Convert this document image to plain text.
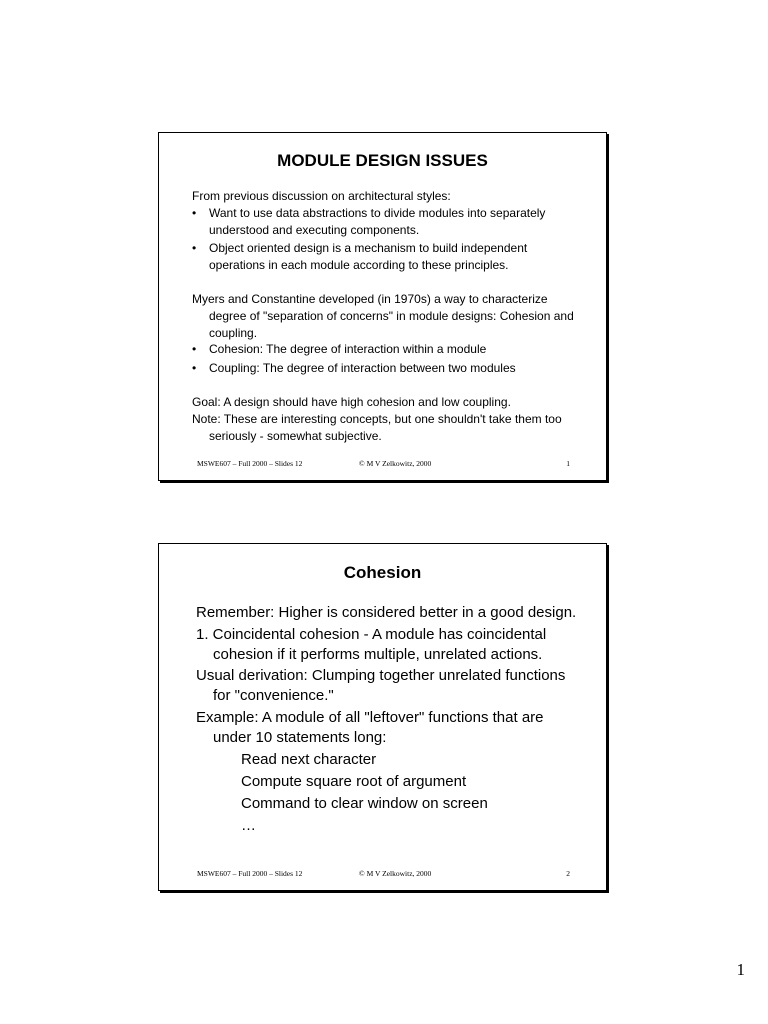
MODULE DESIGN ISSUES

From previous discussion on architectural styles:

• Want to use data abstractions to divide modules into separately understood and executing components.
• Object oriented design is a mechanism to build independent operations in each module according to these principles.

Myers and Constantine developed (in 1970s) a way to characterize degree of "separation of concerns" in module designs: Cohesion and coupling.

• Cohesion: The degree of interaction within a module
• Coupling: The degree of interaction between two modules

Goal: A design should have high cohesion and low coupling.

Note: These are interesting concepts, but one shouldn't take them too seriously - somewhat subjective.

MSWE607 – Full 2000 – Slides 12	© M V Zelkowitz, 2000	1
Cohesion

Remember: Higher is considered better in a good design.

1. Coincidental cohesion - A module has coincidental cohesion if it performs multiple, unrelated actions.

Usual derivation: Clumping together unrelated functions for "convenience."

Example: A module of all "leftover" functions that are under 10 statements long:

Read next character

Compute square root of argument

Command to clear window on screen

…

MSWE607 – Full 2000 – Slides 12	© M V Zelkowitz, 2000	2
1
